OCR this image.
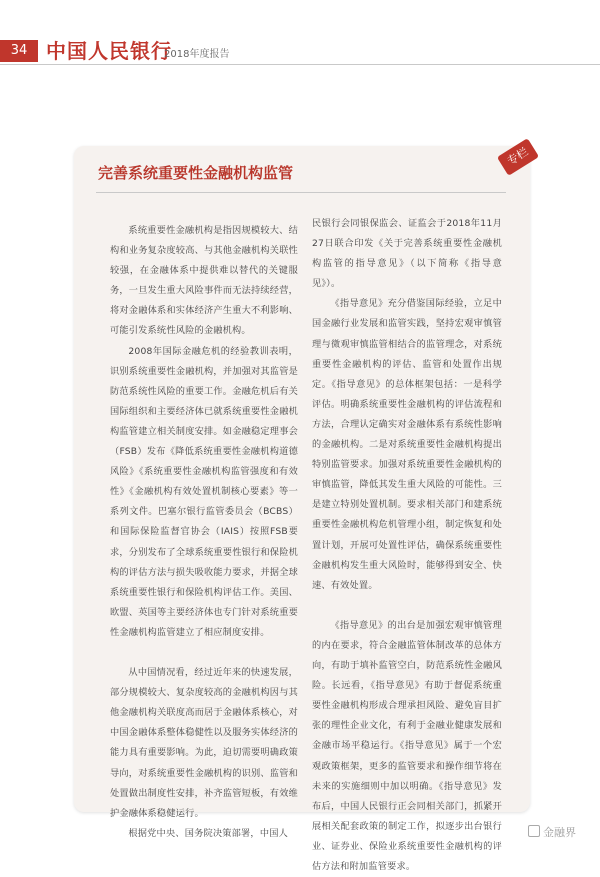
34 中国人民银行
2018年度报告
完善系统重要性金融机构监管
专栏

系统重要性金融机构是指因规模较大、结构和业务复杂度较高、与其他金融机构关联性较强，在金融体系中提供难以替代的关键服务，一旦发生重大风险事件而无法持续经营，将对金融体系和实体经济产生重大不利影响、可能引发系统性风险的金融机构。

2008年国际金融危机的经验教训表明，识别系统重要性金融机构，并加强对其监管是防范系统性风险的重要工作。金融危机后有关国际组织和主要经济体已就系统重要性金融机构监管建立相关制度安排。如金融稳定理事会（FSB）发布《降低系统重要性金融机构道德风险》《系统重要性金融机构监管强度和有效性》《金融机构有效处置机制核心要素》等一系列文件。巴塞尔银行监管委员会（BCBS）和国际保险监督官协会（IAIS）按照FSB要求，分别发布了全球系统重要性银行和保险机构的评估方法与损失吸收能力要求，并据全球系统重要性银行和保险机构评估工作。美国、欧盟、英国等主要经济体也专门针对系统重要性金融机构监管建立了相应制度安排。

从中国情况看，经过近年来的快速发展，部分规模较大、复杂度较高的金融机构因与其他金融机构关联度高而居于金融体系核心，对中国金融体系整体稳健性以及服务实体经济的能力具有重要影响。为此，迫切需要明确政策导向，对系统重要性金融机构的识别、监管和处置做出制度性安排，补齐监管短板，有效维护金融体系稳健运行。

根据党中央、国务院决策部署，中国人

民银行会同银保监会、证监会于2018年11月27日联合印发《关于完善系统重要性金融机构监管的指导意见》（以下简称《指导意见》）。

《指导意见》充分借鉴国际经验，立足中国金融行业发展和监管实践，坚持宏观审慎管理与微观审慎监管相结合的监管理念，对系统重要性金融机构的评估、监管和处置作出规定。《指导意见》的总体框架包括：一是科学评估。明确系统重要性金融机构的评估流程和方法，合理认定确实对金融体系有系统性影响的金融机构。二是对系统重要性金融机构提出特别监管要求。加强对系统重要性金融机构的审慎监管，降低其发生重大风险的可能性。三是建立特别处置机制。要求相关部门和建系统重要性金融机构危机管理小组，制定恢复和处置计划，开展可处置性评估，确保系统重要性金融机构发生重大风险时，能够得到安全、快速、有效处置。

《指导意见》的出台是加强宏观审慎管理的内在要求，符合金融监管体制改革的总体方向，有助于填补监管空白，防范系统性金融风险。长远看，《指导意见》有助于督促系统重要性金融机构形成合理承担风险、避免盲目扩张的理性企业文化，有利于金融业健康发展和金融市场平稳运行。《指导意见》属于一个宏观政策框架，更多的监管要求和操作细节将在未来的实施细则中加以明确。《指导意见》发布后，中国人民银行正会同相关部门，抓紧开展相关配套政策的制定工作，拟逐步出台银行业、证券业、保险业系统重要性金融机构的评估方法和附加监管要求。

金融界
